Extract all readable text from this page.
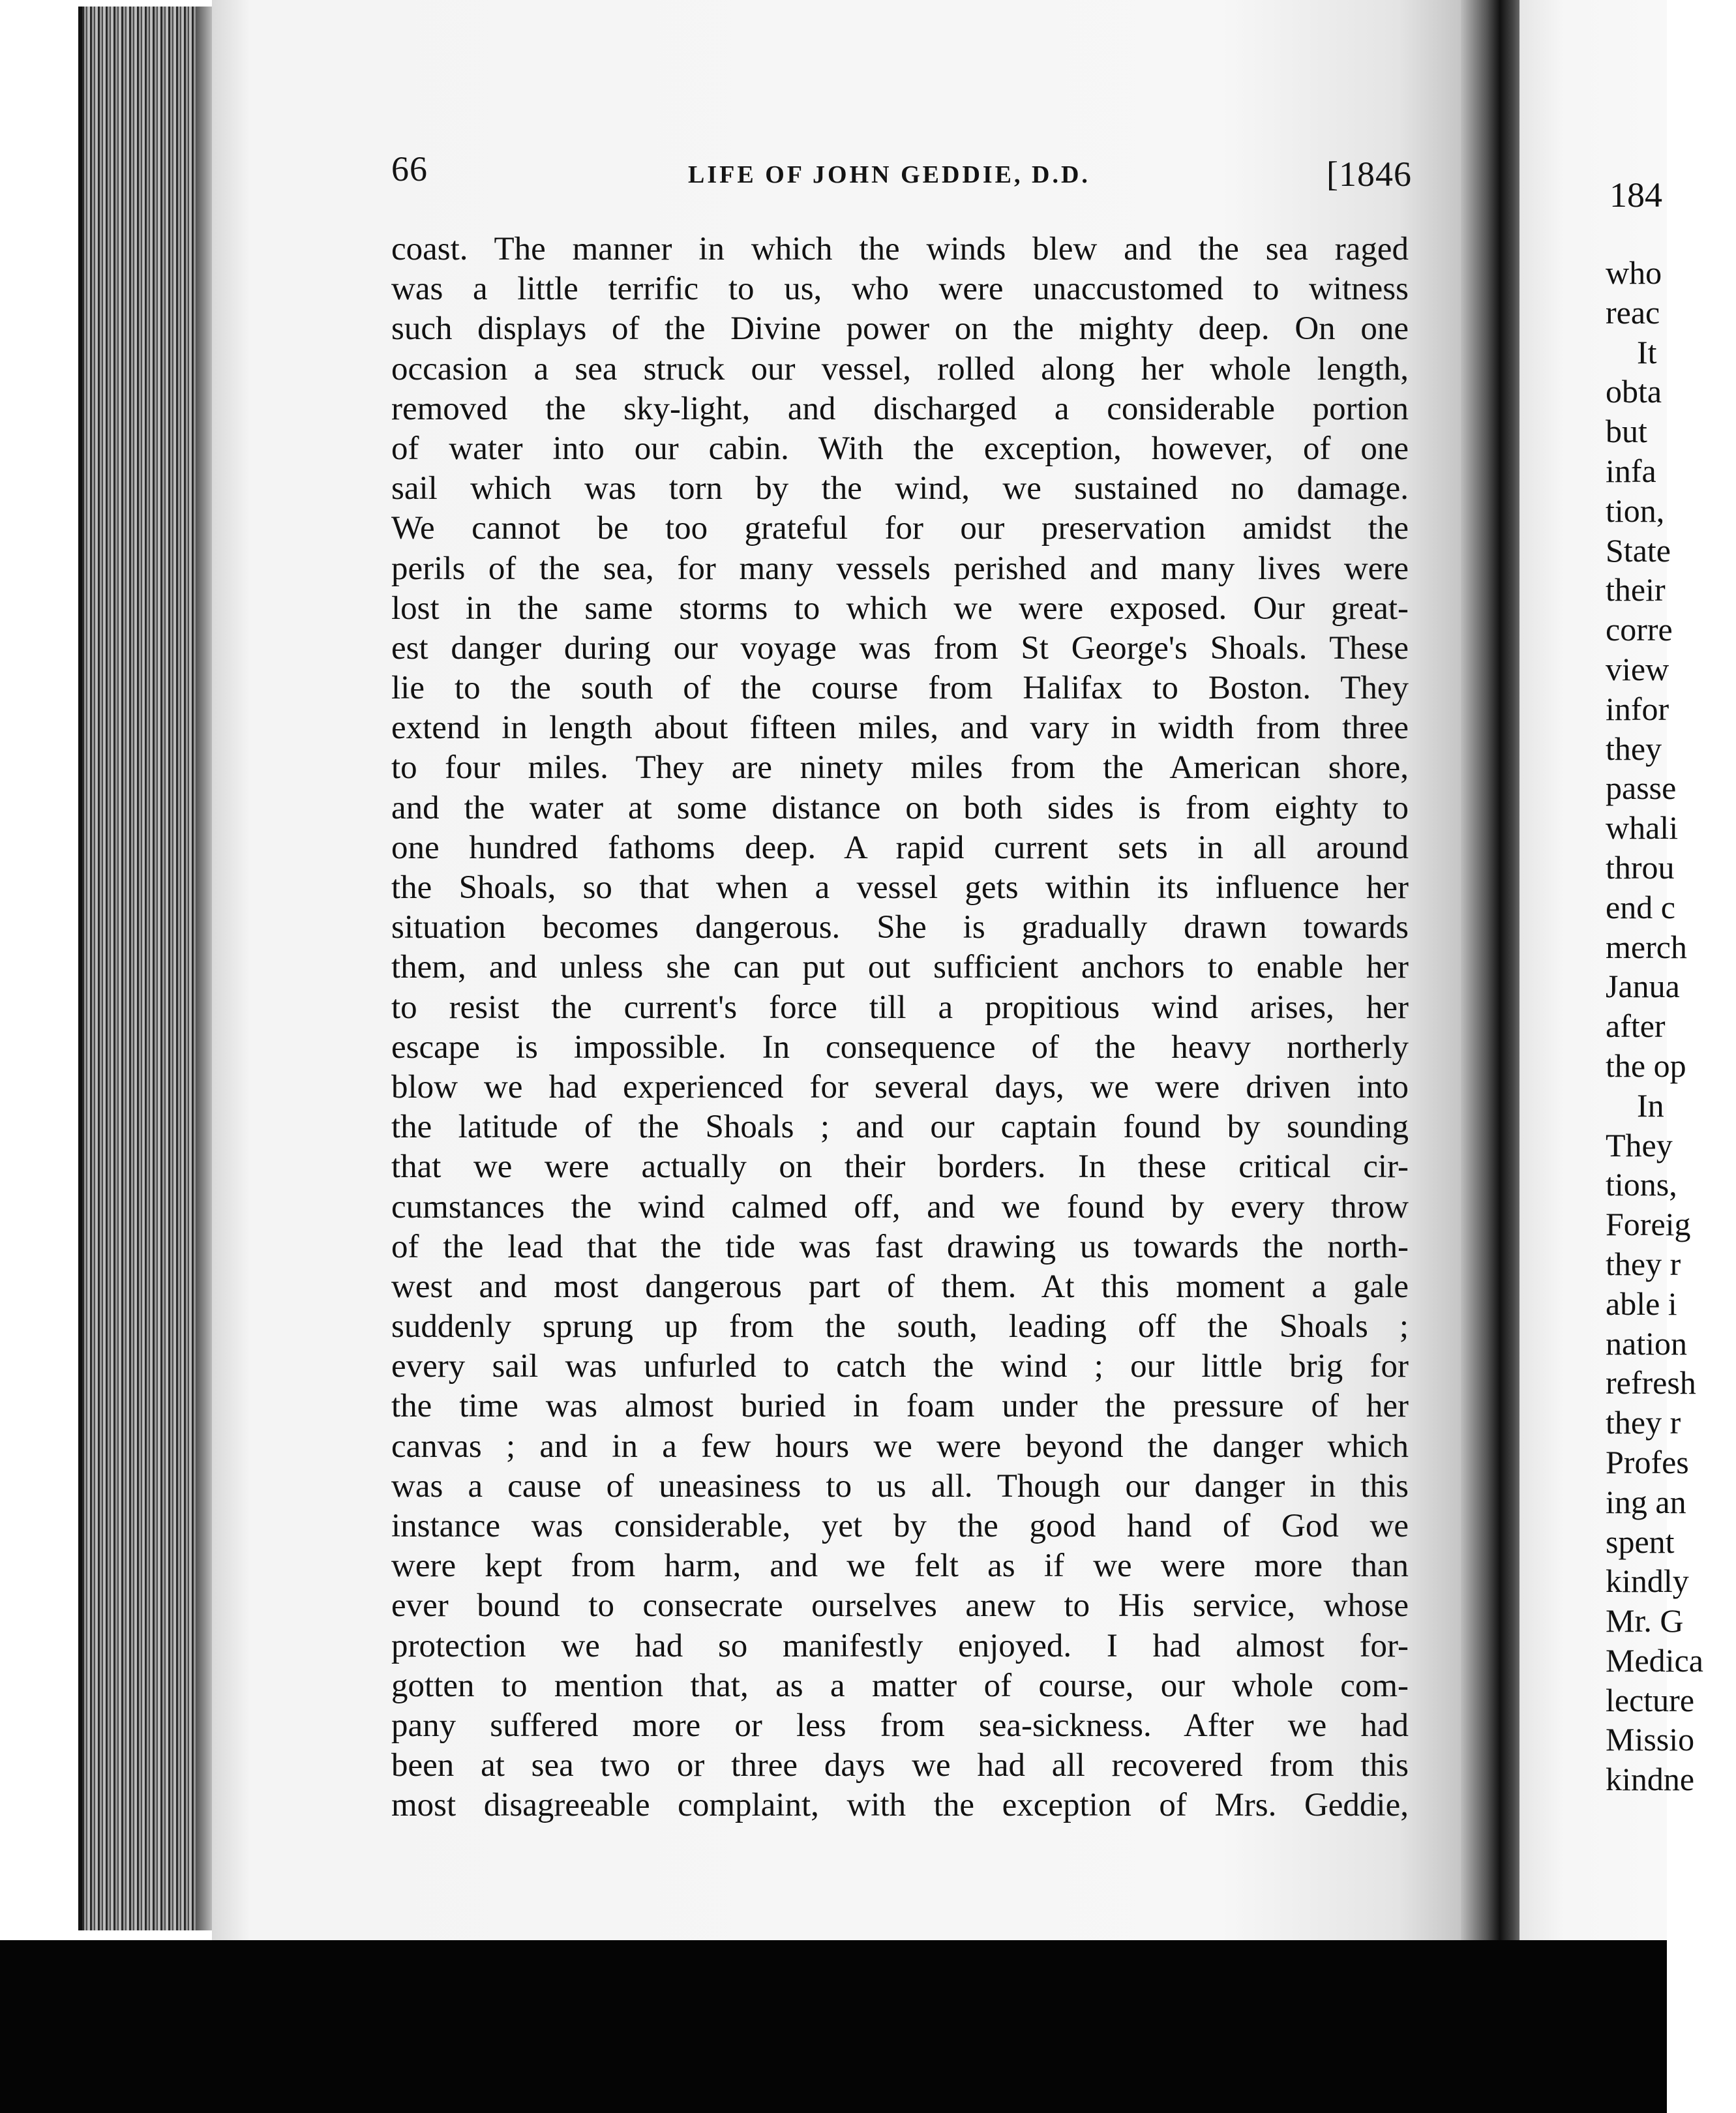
66	LIFE OF JOHN GEDDIE, D.D.	[1846
coast. The manner in which the winds blew and the sea raged
was a little terrific to us, who were unaccustomed to witness
such displays of the Divine power on the mighty deep. On one
occasion a sea struck our vessel, rolled along her whole length,
removed the sky-light, and discharged a considerable portion
of water into our cabin. With the exception, however, of one
sail which was torn by the wind, we sustained no damage.
We cannot be too grateful for our preservation amidst the
perils of the sea, for many vessels perished and many lives were
lost in the same storms to which we were exposed. Our great-
est danger during our voyage was from St George's Shoals. These
lie to the south of the course from Halifax to Boston. They
extend in length about fifteen miles, and vary in width from three
to four miles. They are ninety miles from the American shore,
and the water at some distance on both sides is from eighty to
one hundred fathoms deep. A rapid current sets in all around
the Shoals, so that when a vessel gets within its influence her
situation becomes dangerous. She is gradually drawn towards
them, and unless she can put out sufficient anchors to enable her
to resist the current's force till a propitious wind arises, her
escape is impossible. In consequence of the heavy northerly
blow we had experienced for several days, we were driven into
the latitude of the Shoals ; and our captain found by sounding
that we were actually on their borders. In these critical cir-
cumstances the wind calmed off, and we found by every throw
of the lead that the tide was fast drawing us towards the north-
west and most dangerous part of them. At this moment a gale
suddenly sprung up from the south, leading off the Shoals ;
every sail was unfurled to catch the wind ; our little brig for
the time was almost buried in foam under the pressure of her
canvas ; and in a few hours we were beyond the danger which
was a cause of uneasiness to us all. Though our danger in this
instance was considerable, yet by the good hand of God we
were kept from harm, and we felt as if we were more than
ever bound to consecrate ourselves anew to His service, whose
protection we had so manifestly enjoyed. I had almost for-
gotten to mention that, as a matter of course, our whole com-
pany suffered more or less from sea-sickness. After we had
been at sea two or three days we had all recovered from this
most disagreeable complaint, with the exception of Mrs. Geddie,
184
who
reac
It
obta
but
infa
tion,
State
their
corre
view
infor
they
passe
whali
throu
end c
merch
Janua
after
the op
In
They
tions,
Foreig
they r
able i
nation
refresh
they r
Profes
ing an
spent
kindly
Mr. G
Medica
lecture
Missio
kindne
